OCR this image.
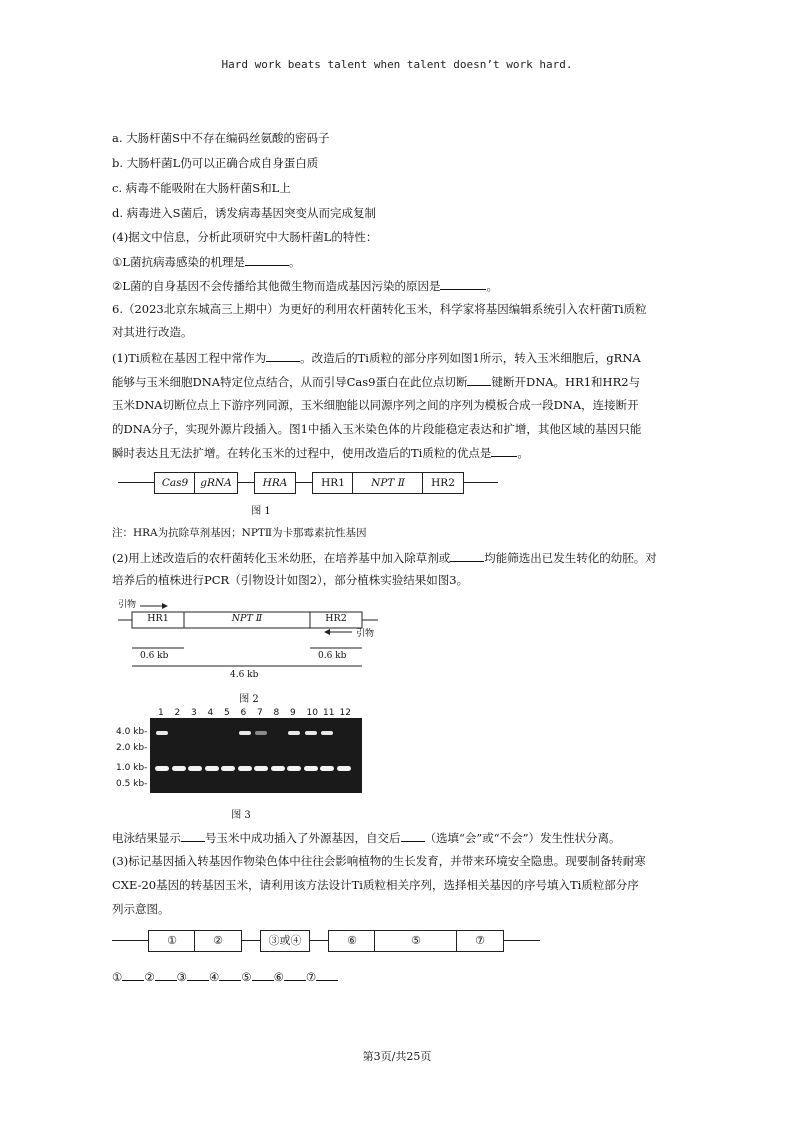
Hard work beats talent when talent doesn’t work hard.
a. 大肠杆菌S中不存在编码丝氨酸的密码子
b. 大肠杆菌L仍可以正确合成自身蛋白质
c. 病毒不能吸附在大肠杆菌S和L上
d. 病毒进入S菌后，诱发病毒基因突变从而完成复制
(4)据文中信息，分析此项研究中大肠杆菌L的特性：
①L菌抗病毒感染的机理是	。
②L菌的自身基因不会传播给其他微生物而造成基因污染的原因是	。
6.（2023北京东城高三上期中）为更好的利用农杆菌转化玉米，科学家将基因编辑系统引入农杆菌Ti质粒
对其进行改造。
(1)Ti质粒在基因工程中常作为	。改造后的Ti质粒的部分序列如图1所示，转入玉米细胞后，gRNA
能够与玉米细胞DNA特定位点结合，从而引导Cas9蛋白在此位点切断 键断开DNA。HR1和HR2与
玉米DNA切断位点上下游序列同源，玉米细胞能以同源序列之间的序列为模板合成一段DNA，连接断开
的DNA分子，实现外源片段插入。图1中插入玉米染色体的片段能稳定表达和扩增，其他区域的基因只能
瞬时表达且无法扩增。在转化玉米的过程中，使用改造后的Ti质粒的优点是 。
Cas9	gRNA	HRA	HR1	NPT Ⅱ	HR2
图 1
注：HRA为抗除草剂基因；NPTⅡ为卡那霉素抗性基因
(2)用上述改造后的农杆菌转化玉米幼胚，在培养基中加入除草剂或	均能筛选出已发生转化的幼胚。对
培养后的植株进行PCR（引物设计如图2），部分植株实验结果如图3。
引物
引物
HR1	NPT Ⅱ	HR2
0.6 kb	0.6 kb
4.6 kb
图 2
1 2 3 4 5 6 7 8 9 10 11 12
4.0 kb-
2.0 kb-
1.0 kb-
0.5 kb-
图 3
电泳结果显示 号玉米中成功插入了外源基因，自交后 （选填“会”或“不会”）发生性状分离。
(3)标记基因插入转基因作物染色体中往往会影响植物的生长发育，并带来环境安全隐患。现要制备转耐寒
CXE-20基因的转基因玉米，请利用该方法设计Ti质粒相关序列，选择相关基因的序号填入Ti质粒部分序
列示意图。
①	②	③或④	⑥	⑤	⑦
① ② ③ ④ ⑤ ⑥ ⑦
第3页/共25页
